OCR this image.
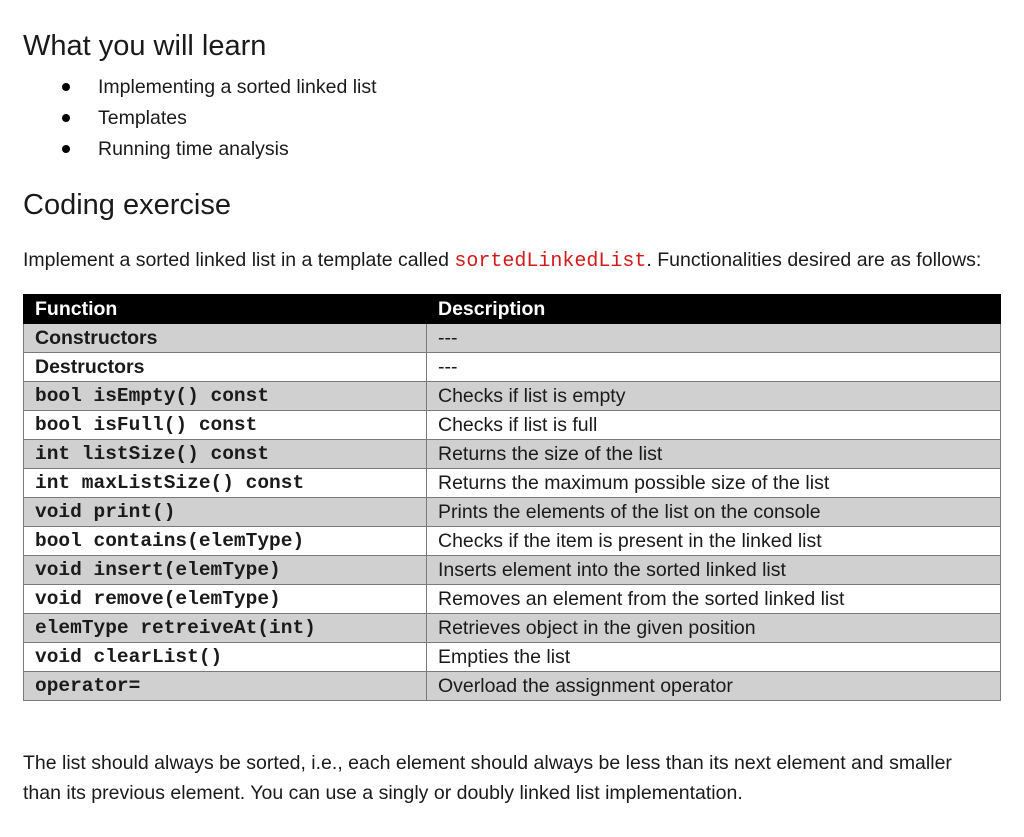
What you will learn
Implementing a sorted linked list
Templates
Running time analysis
Coding exercise

Implement a sorted linked list in a template called sortedLinkedList. Functionalities desired are as follows:

Function	Description
Constructors	---
Destructors	---
bool isEmpty() const	Checks if list is empty
bool isFull() const	Checks if list is full
int listSize() const	Returns the size of the list
int maxListSize() const	Returns the maximum possible size of the list
void print()	Prints the elements of the list on the console
bool contains(elemType)	Checks if the item is present in the linked list
void insert(elemType)	Inserts element into the sorted linked list
void remove(elemType)	Removes an element from the sorted linked list
elemType retreiveAt(int)	Retrieves object in the given position
void clearList()	Empties the list
operator=	Overload the assignment operator

The list should always be sorted, i.e., each element should always be less than its next element and smaller than its previous element. You can use a singly or doubly linked list implementation.
